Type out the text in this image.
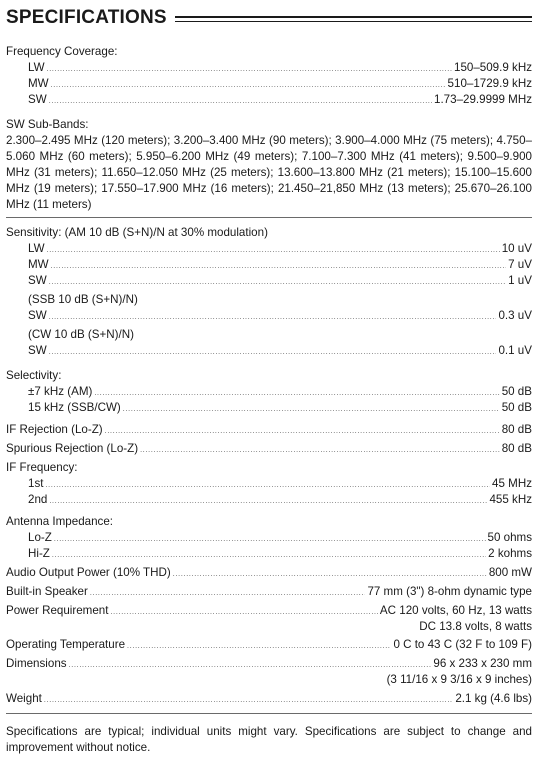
SPECIFICATIONS
Frequency Coverage:
LW . . .	150–509.9 kHz
MW . . .	510–1729.9 kHz
SW . . .	1.73–29.9999 MHz
SW Sub-Bands:
2.300–2.495 MHz (120 meters); 3.200–3.400 MHz (90 meters); 3.900–4.000 MHz (75 meters); 4.750–5.060 MHz (60 meters); 5.950–6.200 MHz (49 meters); 7.100–7.300 MHz (41 meters); 9.500–9.900 MHz (31 meters); 11.650–12.050 MHz (25 meters); 13.600–13.800 MHz (21 meters); 15.100–15.600 MHz (19 meters); 17.550–17.900 MHz (16 meters); 21.450–21,850 MHz (13 meters); 25.670–26.100 MHz (11 meters)
Sensitivity: (AM 10 dB (S+N)/N at 30% modulation)
LW . . .	10 uV
MW . . .	7 uV
SW . . .	1 uV
(SSB 10 dB (S+N)/N)
SW . . .	0.3 uV
(CW 10 dB (S+N)/N)
SW . . .	0.1 uV
Selectivity:
±7 kHz (AM) . . .	50 dB
15 kHz (SSB/CW) . . .	50 dB
IF Rejection (Lo-Z) . . .	80 dB
Spurious Rejection (Lo-Z) . . .	80 dB
IF Frequency:
1st . . .	45 MHz
2nd . . .	455 kHz
Antenna Impedance:
Lo-Z . . .	50 ohms
Hi-Z . . .	2 kohms
Audio Output Power (10% THD) . . .	800 mW
Built-in Speaker . . .	77 mm (3") 8-ohm dynamic type
Power Requirement . . .	AC 120 volts, 60 Hz, 13 watts
DC 13.8 volts, 8 watts
Operating Temperature . . .	0 C to 43 C (32 F to 109 F)
Dimensions . . .	96 x 233 x 230 mm
(3 11/16 x 9 3/16 x 9 inches)
Weight . . .	2.1 kg (4.6 lbs)
Specifications are typical; individual units might vary. Specifications are subject to change and improvement without notice.
